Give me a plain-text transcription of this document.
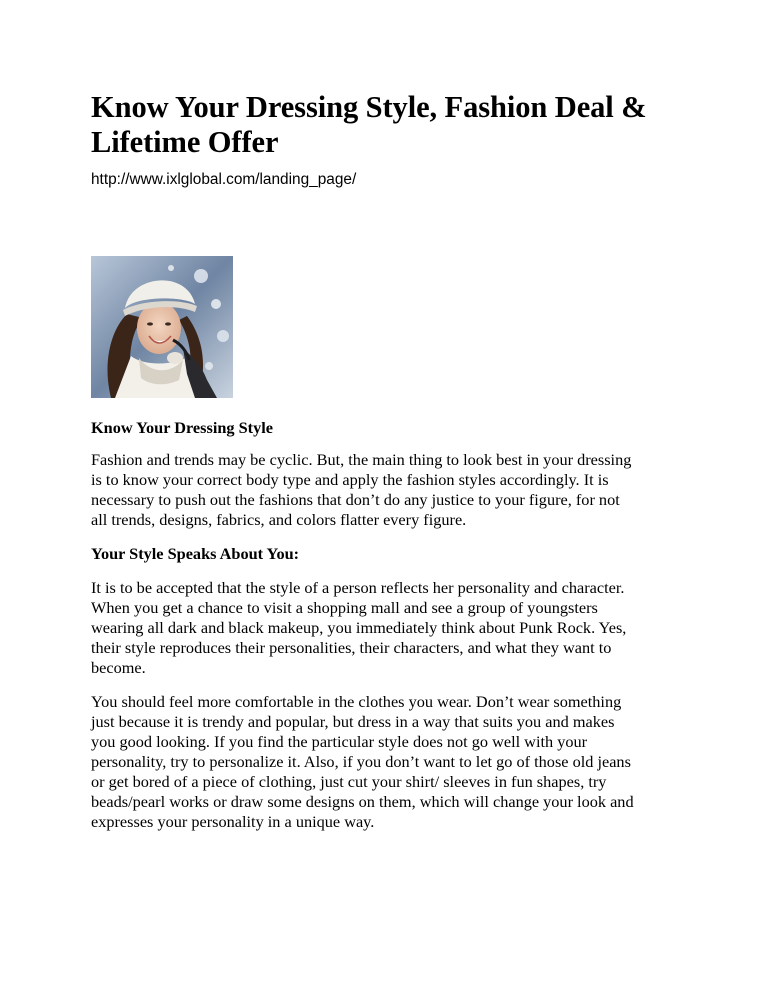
Know Your Dressing Style, Fashion Deal &
Lifetime Offer
http://www.ixlglobal.com/landing_page/
Know Your Dressing Style

Fashion and trends may be cyclic. But, the main thing to look best in your dressing
is to know your correct body type and apply the fashion styles accordingly. It is
necessary to push out the fashions that don’t do any justice to your figure, for not
all trends, designs, fabrics, and colors flatter every figure.

Your Style Speaks About You:

It is to be accepted that the style of a person reflects her personality and character.
When you get a chance to visit a shopping mall and see a group of youngsters
wearing all dark and black makeup, you immediately think about Punk Rock. Yes,
their style reproduces their personalities, their characters, and what they want to
become.

You should feel more comfortable in the clothes you wear. Don’t wear something
just because it is trendy and popular, but dress in a way that suits you and makes
you good looking. If you find the particular style does not go well with your
personality, try to personalize it. Also, if you don’t want to let go of those old jeans
or get bored of a piece of clothing, just cut your shirt/ sleeves in fun shapes, try
beads/pearl works or draw some designs on them, which will change your look and
expresses your personality in a unique way.
